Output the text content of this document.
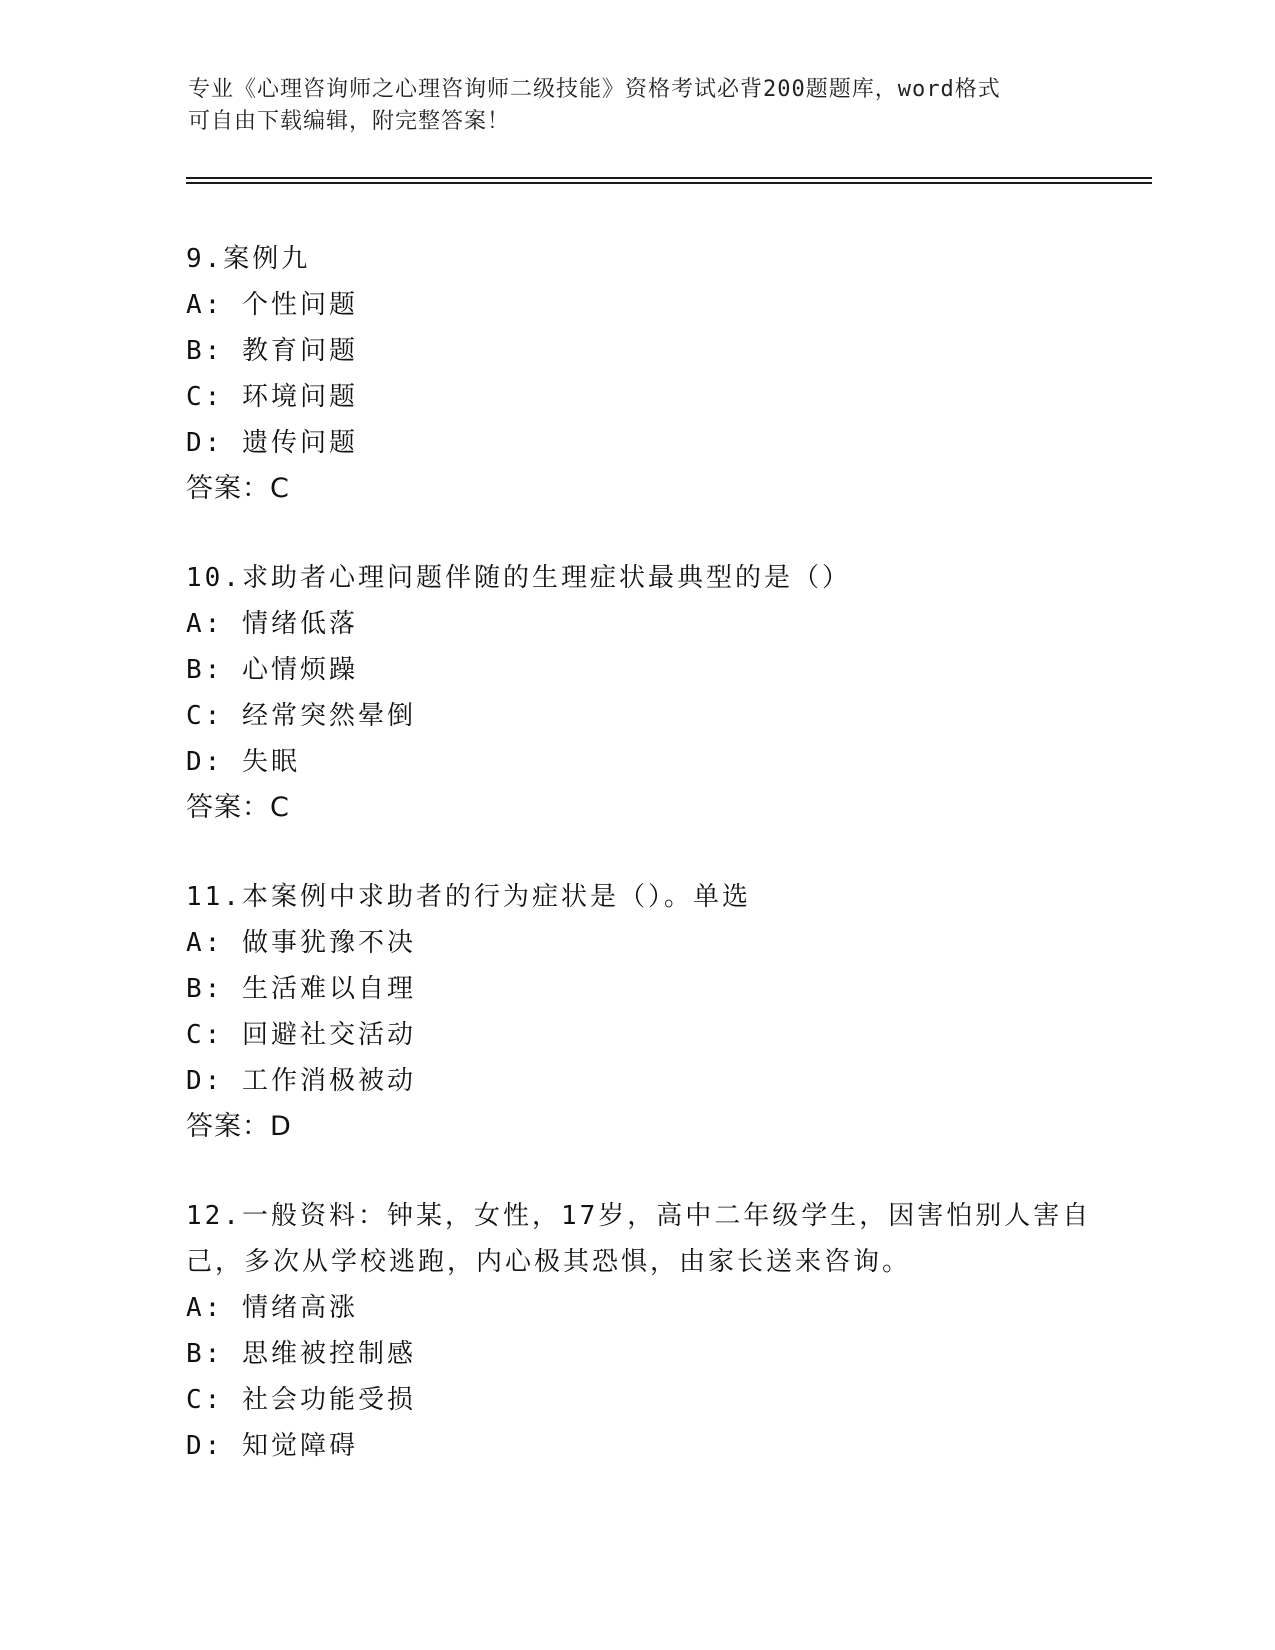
专业《心理咨询师之心理咨询师二级技能》资格考试必背200题题库，word格式
可自由下载编辑，附完整答案！
9.案例九
A: 个性问题
B: 教育问题
C: 环境问题
D: 遗传问题
答案：C
10.求助者心理问题伴随的生理症状最典型的是（）
A: 情绪低落
B: 心情烦躁
C: 经常突然晕倒
D: 失眠
答案：C
11.本案例中求助者的行为症状是（）。单选
A: 做事犹豫不决
B: 生活难以自理
C: 回避社交活动
D: 工作消极被动
答案：D
12.一般资料：钟某，女性，17岁，高中二年级学生，因害怕别人害自己，多次从学校逃跑，内心极其恐惧，由家长送来咨询。
A: 情绪高涨
B: 思维被控制感
C: 社会功能受损
D: 知觉障碍
